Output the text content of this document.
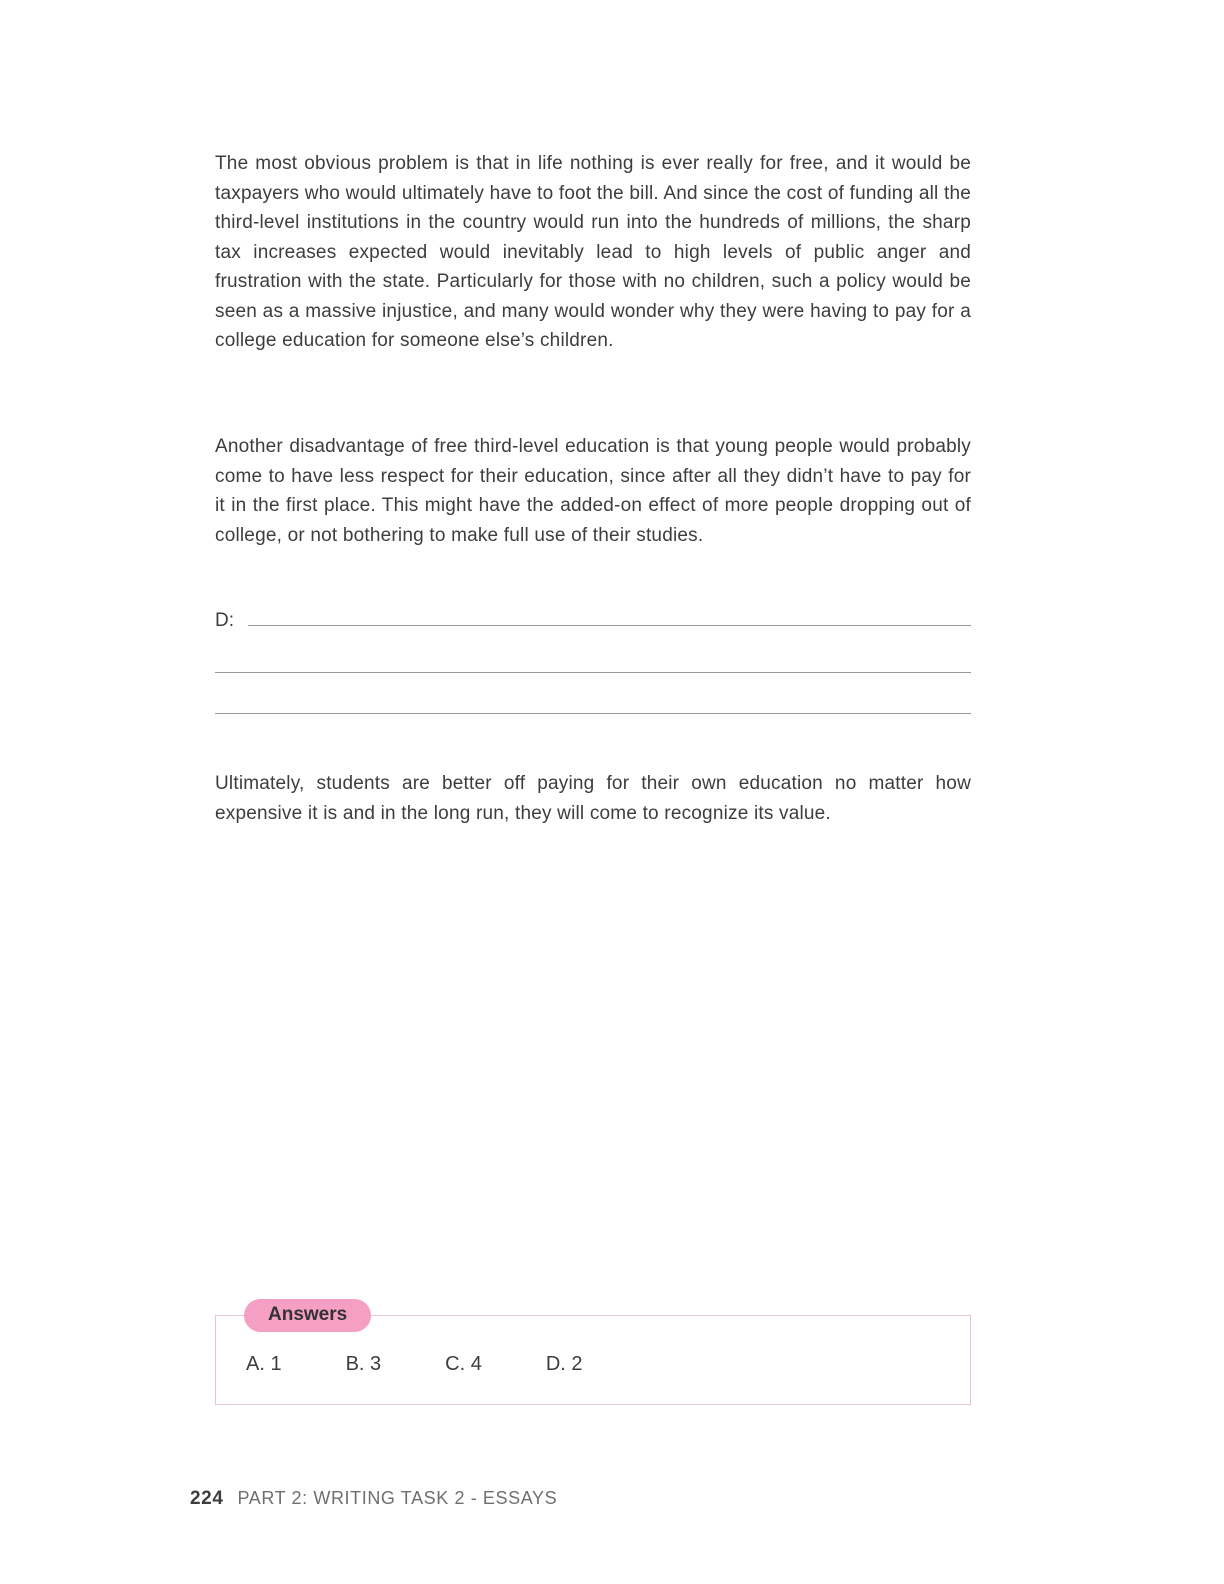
The most obvious problem is that in life nothing is ever really for free, and it would be taxpayers who would ultimately have to foot the bill. And since the cost of funding all the third-level institutions in the country would run into the hundreds of millions, the sharp tax increases expected would inevitably lead to high levels of public anger and frustration with the state. Particularly for those with no children, such a policy would be seen as a massive injustice, and many would wonder why they were having to pay for a college education for someone else’s children.

Another disadvantage of free third-level education is that young people would probably come to have less respect for their education, since after all they didn’t have to pay for it in the first place. This might have the added-on effect of more people dropping out of college, or not bothering to make full use of their studies.

D:

Ultimately, students are better off paying for their own education no matter how expensive it is and in the long run, they will come to recognize its value.

Answers
A. 1	B. 3	C. 4	D. 2
224 PART 2: WRITING TASK 2 - ESSAYS
